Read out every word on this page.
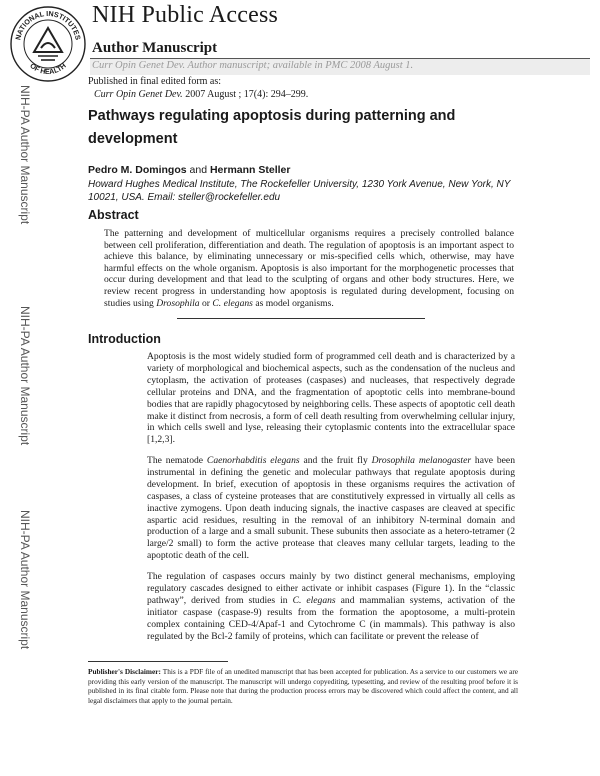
NATIONAL INSTITUTES
OF HEALTH
NIH Public Access
Author Manuscript
Curr Opin Genet Dev. Author manuscript; available in PMC 2008 August 1.
Published in final edited form as:
Curr Opin Genet Dev. 2007 August ; 17(4): 294–299.
NIH-PA Author Manuscript
NIH-PA Author Manuscript
NIH-PA Author Manuscript
Pathways regulating apoptosis during patterning and development
Pedro M. Domingos and Hermann Steller
Howard Hughes Medical Institute, The Rockefeller University, 1230 York Avenue, New York, NY 10021, USA. Email: steller@rockefeller.edu
Abstract
The patterning and development of multicellular organisms requires a precisely controlled balance between cell proliferation, differentiation and death. The regulation of apoptosis is an important aspect to achieve this balance, by eliminating unnecessary or mis-specified cells which, otherwise, may have harmful effects on the whole organism. Apoptosis is also important for the morphogenetic processes that occur during development and that lead to the sculpting of organs and other body structures. Here, we review recent progress in understanding how apoptosis is regulated during development, focusing on studies using Drosophila or C. elegans as model organisms.
Introduction
Apoptosis is the most widely studied form of programmed cell death and is characterized by a variety of morphological and biochemical aspects, such as the condensation of the nucleus and cytoplasm, the activation of proteases (caspases) and nucleases, that respectively degrade cellular proteins and DNA, and the fragmentation of apoptotic cells into membrane-bound bodies that are rapidly phagocytosed by neighboring cells. These aspects of apoptotic cell death make it distinct from necrosis, a form of cell death resulting from overwhelming cellular injury, in which cells swell and lyse, releasing their cytoplasmic contents into the extracellular space [1,2,3].
The nematode Caenorhabditis elegans and the fruit fly Drosophila melanogaster have been instrumental in defining the genetic and molecular pathways that regulate apoptosis during development. In brief, execution of apoptosis in these organisms requires the activation of caspases, a class of cysteine proteases that are constitutively expressed in virtually all cells as inactive zymogens. Upon death inducing signals, the inactive caspases are cleaved at specific aspartic acid residues, resulting in the removal of an inhibitory N-terminal domain and production of a large and a small subunit. These subunits then associate as a hetero-tetramer (2 large/2 small) to form the active protease that cleaves many cellular targets, leading to the apoptotic death of the cell.
The regulation of caspases occurs mainly by two distinct general mechanisms, employing regulatory cascades designed to either activate or inhibit caspases (Figure 1). In the “classic pathway”, derived from studies in C. elegans and mammalian systems, activation of the initiator caspase (caspase-9) results from the formation the apoptosome, a multi-protein complex containing CED-4/Apaf-1 and Cytochrome C (in mammals). This pathway is also regulated by the Bcl-2 family of proteins, which can facilitate or prevent the release of
Publisher's Disclaimer: This is a PDF file of an unedited manuscript that has been accepted for publication. As a service to our customers we are providing this early version of the manuscript. The manuscript will undergo copyediting, typesetting, and review of the resulting proof before it is published in its final citable form. Please note that during the production process errors may be discovered which could affect the content, and all legal disclaimers that apply to the journal pertain.
